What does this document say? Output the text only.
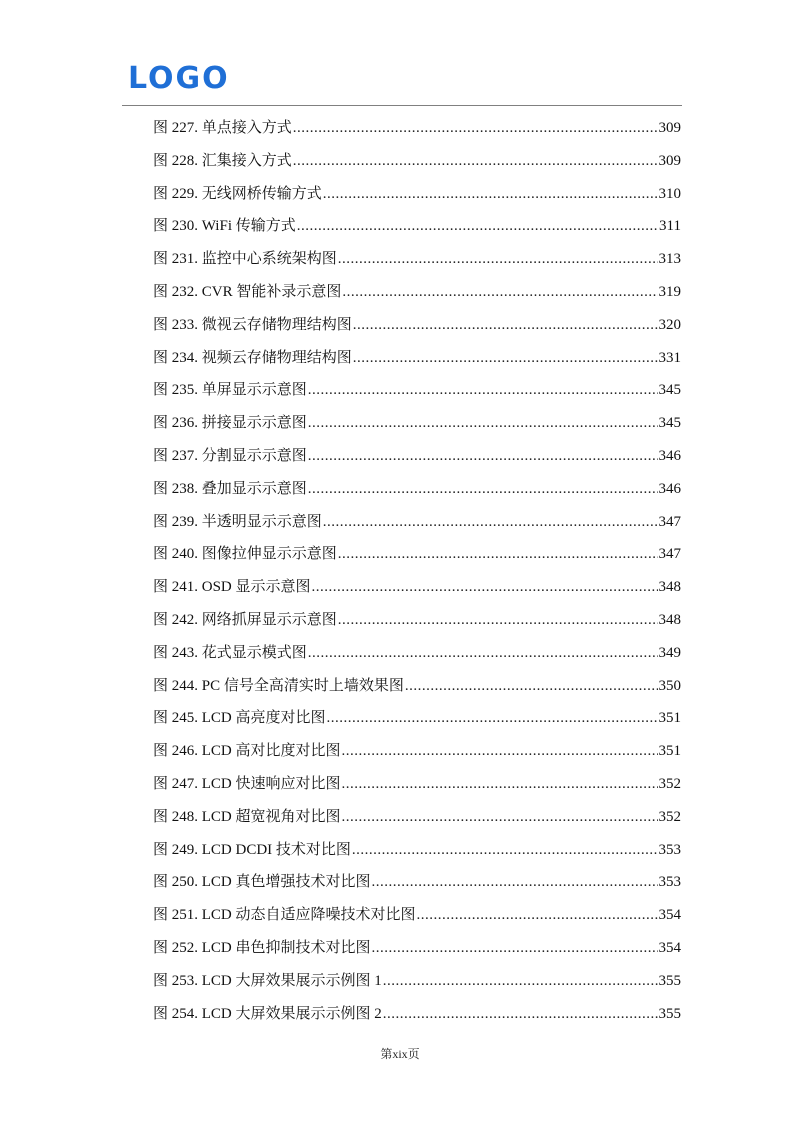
LOGO
图 227. 单点接入方式 .....	309
图 228. 汇集接入方式 .....	309
图 229. 无线网桥传输方式 .....	310
图 230. WiFi 传输方式 .....	311
图 231. 监控中心系统架构图 .....	313
图 232. CVR 智能补录示意图 .....	319
图 233. 微视云存储物理结构图 .....	320
图 234. 视频云存储物理结构图 .....	331
图 235. 单屏显示示意图 .....	345
图 236. 拼接显示示意图 .....	345
图 237. 分割显示示意图 .....	346
图 238. 叠加显示示意图 .....	346
图 239. 半透明显示示意图 .....	347
图 240. 图像拉伸显示示意图 .....	347
图 241. OSD 显示示意图 .....	348
图 242. 网络抓屏显示示意图 .....	348
图 243. 花式显示模式图 .....	349
图 244. PC 信号全高清实时上墙效果图 .....	350
图 245. LCD 高亮度对比图 .....	351
图 246. LCD 高对比度对比图 .....	351
图 247. LCD 快速响应对比图 .....	352
图 248. LCD 超宽视角对比图 .....	352
图 249. LCD DCDI 技术对比图 .....	353
图 250. LCD 真色增强技术对比图 .....	353
图 251. LCD 动态自适应降噪技术对比图 .....	354
图 252. LCD 串色抑制技术对比图 .....	354
图 253. LCD 大屏效果展示示例图 1 .....	355
图 254. LCD 大屏效果展示示例图 2 .....	355
第xix页
